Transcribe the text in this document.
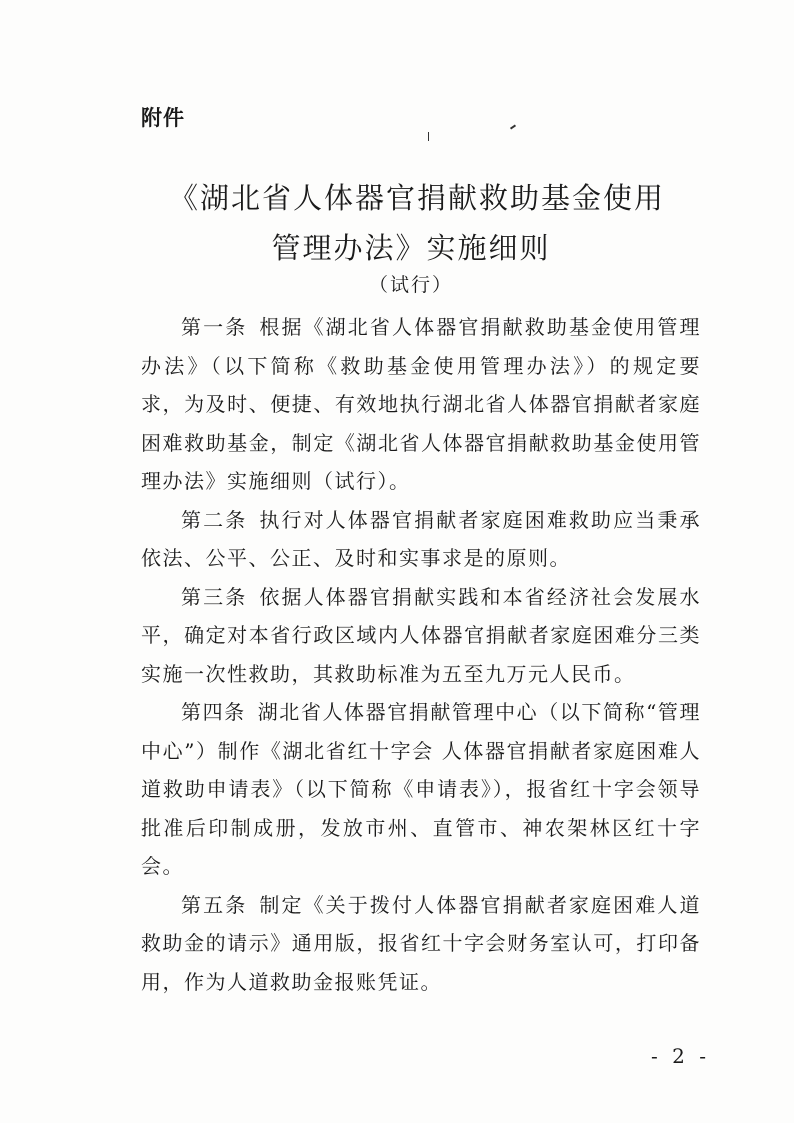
附件
《湖北省人体器官捐献救助基金使用
管理办法》实施细则
（试行）

第一条 根据《湖北省人体器官捐献救助基金使用管理办法》（以下简称《救助基金使用管理办法》）的规定要求，为及时、便捷、有效地执行湖北省人体器官捐献者家庭困难救助基金，制定《湖北省人体器官捐献救助基金使用管理办法》实施细则（试行）。

第二条 执行对人体器官捐献者家庭困难救助应当秉承依法、公平、公正、及时和实事求是的原则。

第三条 依据人体器官捐献实践和本省经济社会发展水平，确定对本省行政区域内人体器官捐献者家庭困难分三类实施一次性救助，其救助标准为五至九万元人民币。

第四条 湖北省人体器官捐献管理中心（以下简称“管理中心”）制作《湖北省红十字会 人体器官捐献者家庭困难人道救助申请表》（以下简称《申请表》），报省红十字会领导批准后印制成册，发放市州、直管市、神农架林区红十字会。

第五条 制定《关于拨付人体器官捐献者家庭困难人道救助金的请示》通用版，报省红十字会财务室认可，打印备用，作为人道救助金报账凭证。

- 2 -
